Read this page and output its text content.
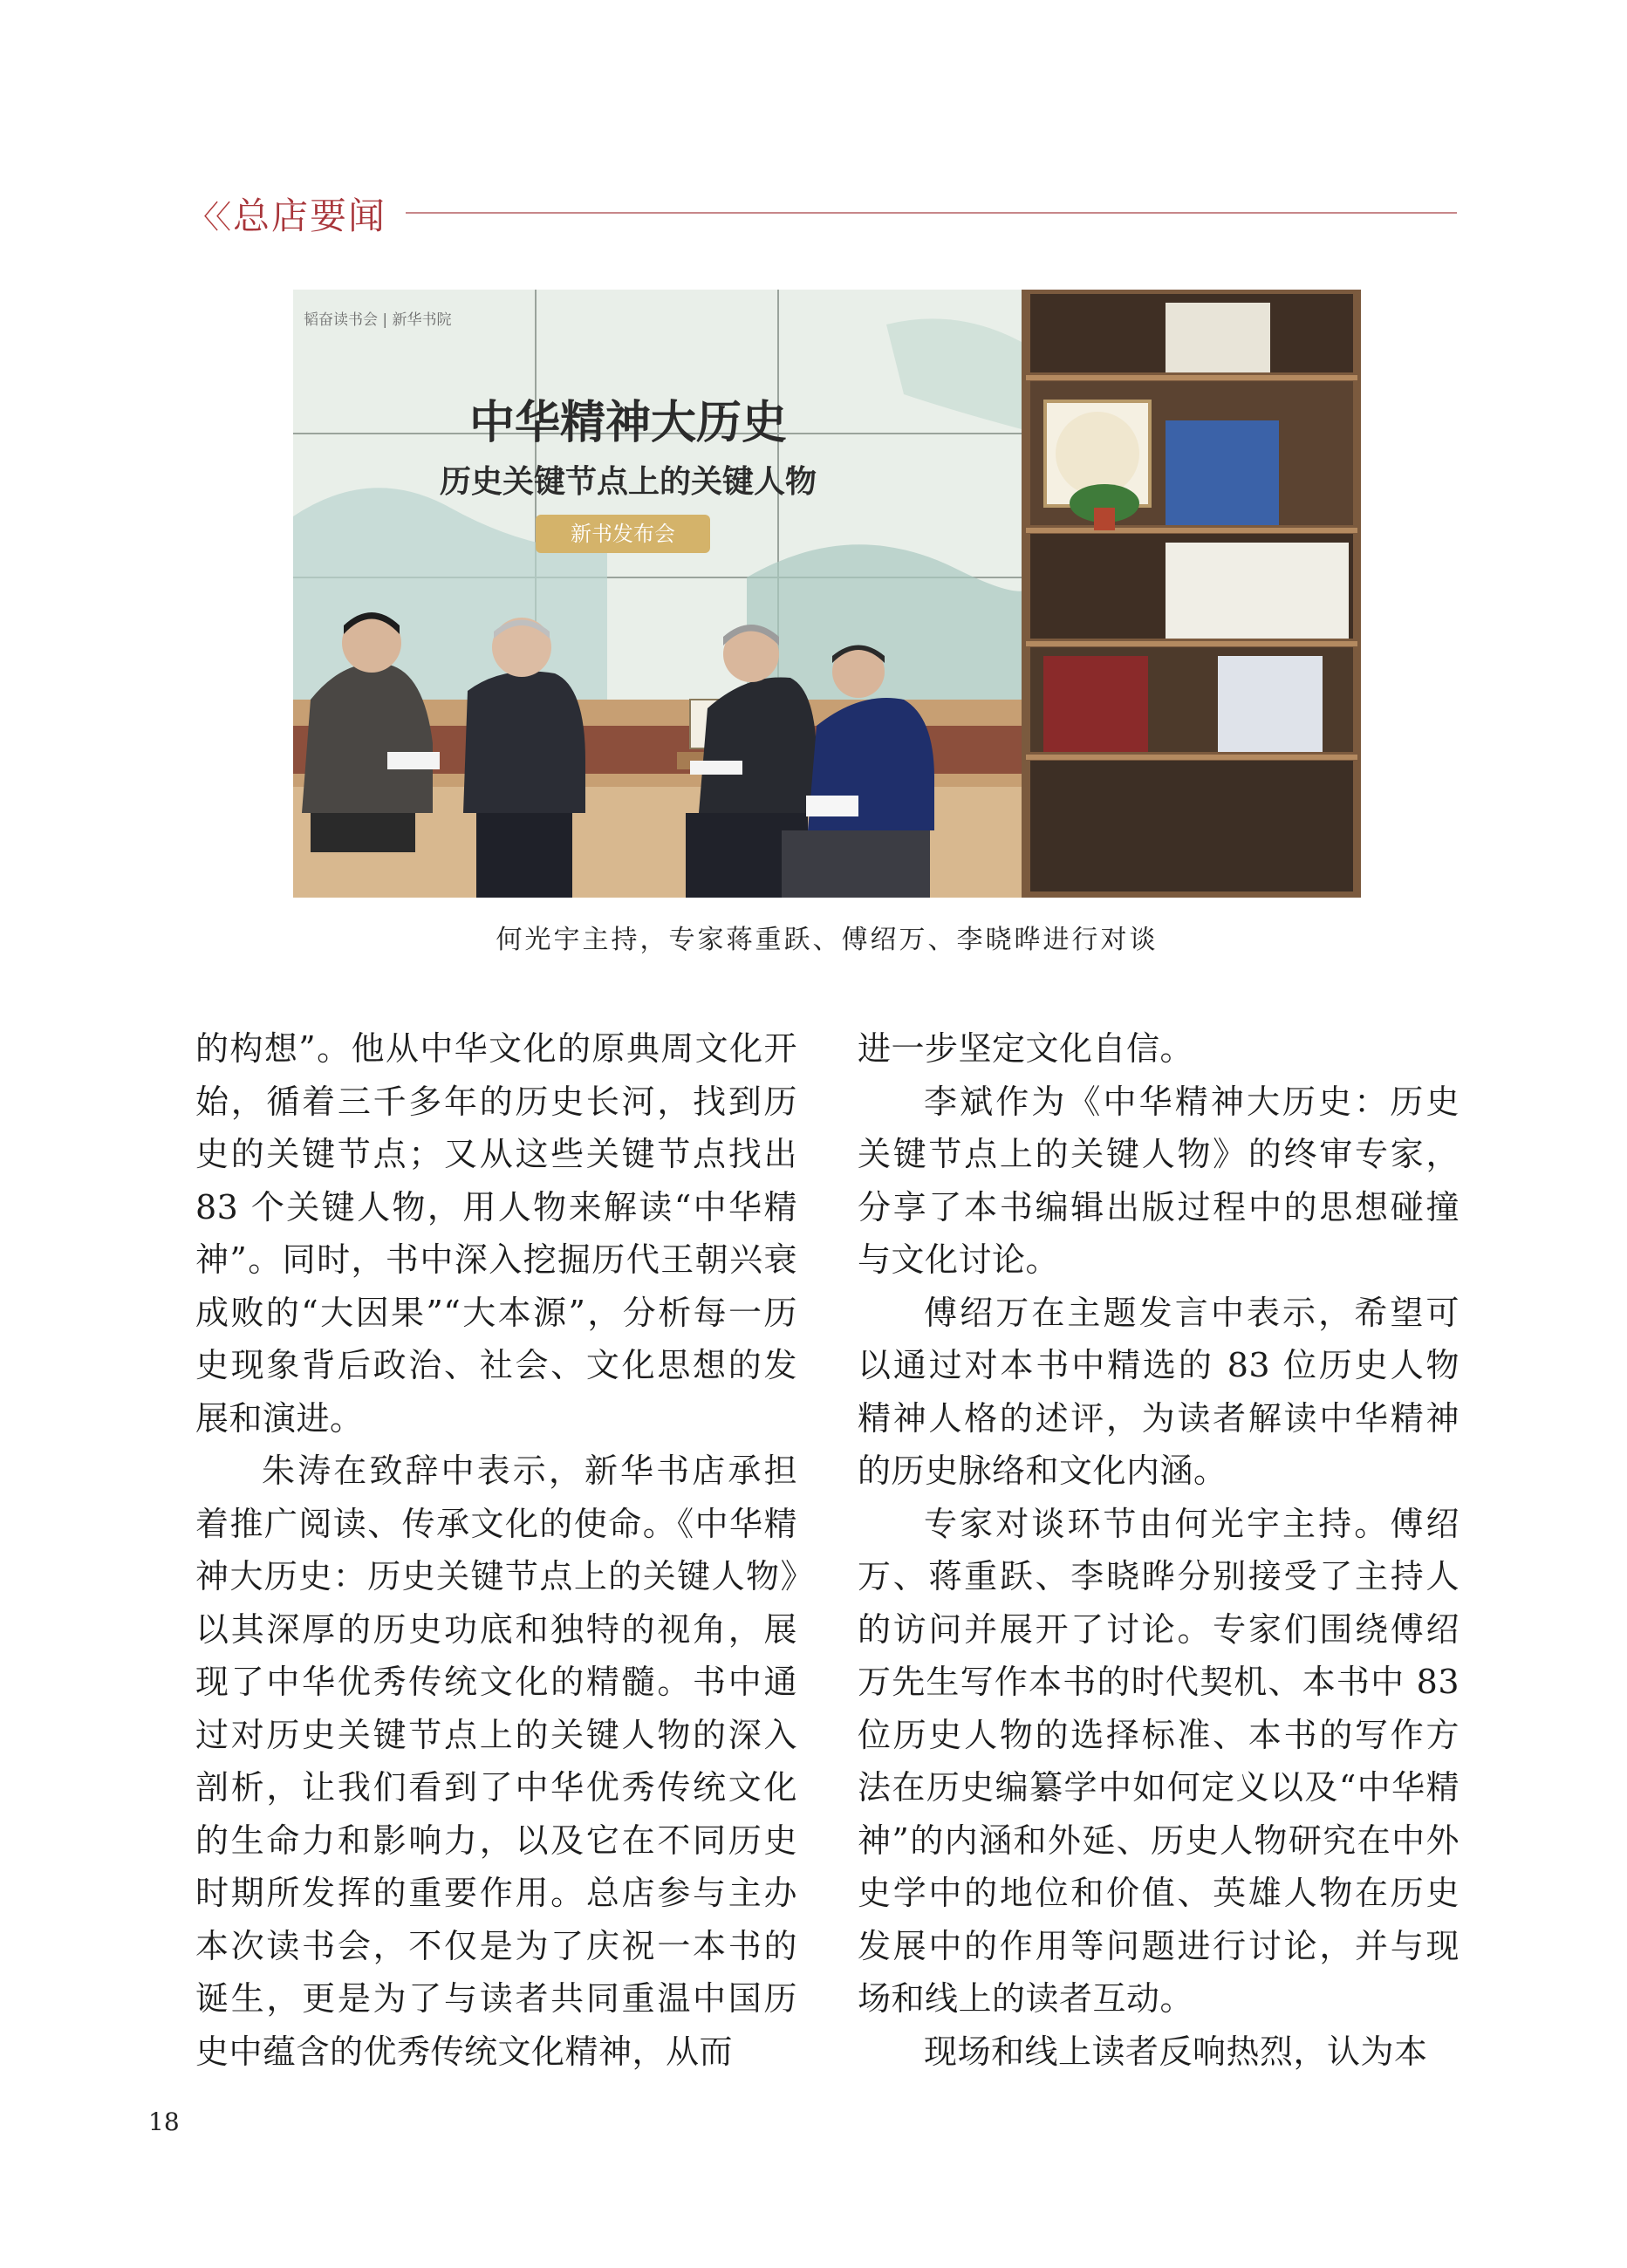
〈〈 总店要闻
韬奋读书会 | 新华书院
中华精神大历史
历史关键节点上的关键人物
新书发布会
何光宇主持，专家蒋重跃、傅绍万、李晓晔进行对谈

的构想”。他从中华文化的原典周文化开始，循着三千多年的历史长河，找到历史的关键节点；又从这些关键节点找出 83 个关键人物，用人物来解读“中华精神”。同时，书中深入挖掘历代王朝兴衰成败的“大因果”“大本源”，分析每一历史现象背后政治、社会、文化思想的发展和演进。

朱涛在致辞中表示，新华书店承担着推广阅读、传承文化的使命。《中华精神大历史：历史关键节点上的关键人物》以其深厚的历史功底和独特的视角，展现了中华优秀传统文化的精髓。书中通过对历史关键节点上的关键人物的深入剖析，让我们看到了中华优秀传统文化的生命力和影响力，以及它在不同历史时期所发挥的重要作用。总店参与主办本次读书会，不仅是为了庆祝一本书的诞生，更是为了与读者共同重温中国历史中蕴含的优秀传统文化精神，从而

进一步坚定文化自信。

李斌作为《中华精神大历史：历史关键节点上的关键人物》的终审专家，分享了本书编辑出版过程中的思想碰撞与文化讨论。

傅绍万在主题发言中表示，希望可以通过对本书中精选的 83 位历史人物精神人格的述评，为读者解读中华精神的历史脉络和文化内涵。

专家对谈环节由何光宇主持。傅绍万、蒋重跃、李晓晔分别接受了主持人的访问并展开了讨论。专家们围绕傅绍万先生写作本书的时代契机、本书中 83 位历史人物的选择标准、本书的写作方法在历史编纂学中如何定义以及“中华精神”的内涵和外延、历史人物研究在中外史学中的地位和价值、英雄人物在历史发展中的作用等问题进行讨论，并与现场和线上的读者互动。

现场和线上读者反响热烈，认为本

18
